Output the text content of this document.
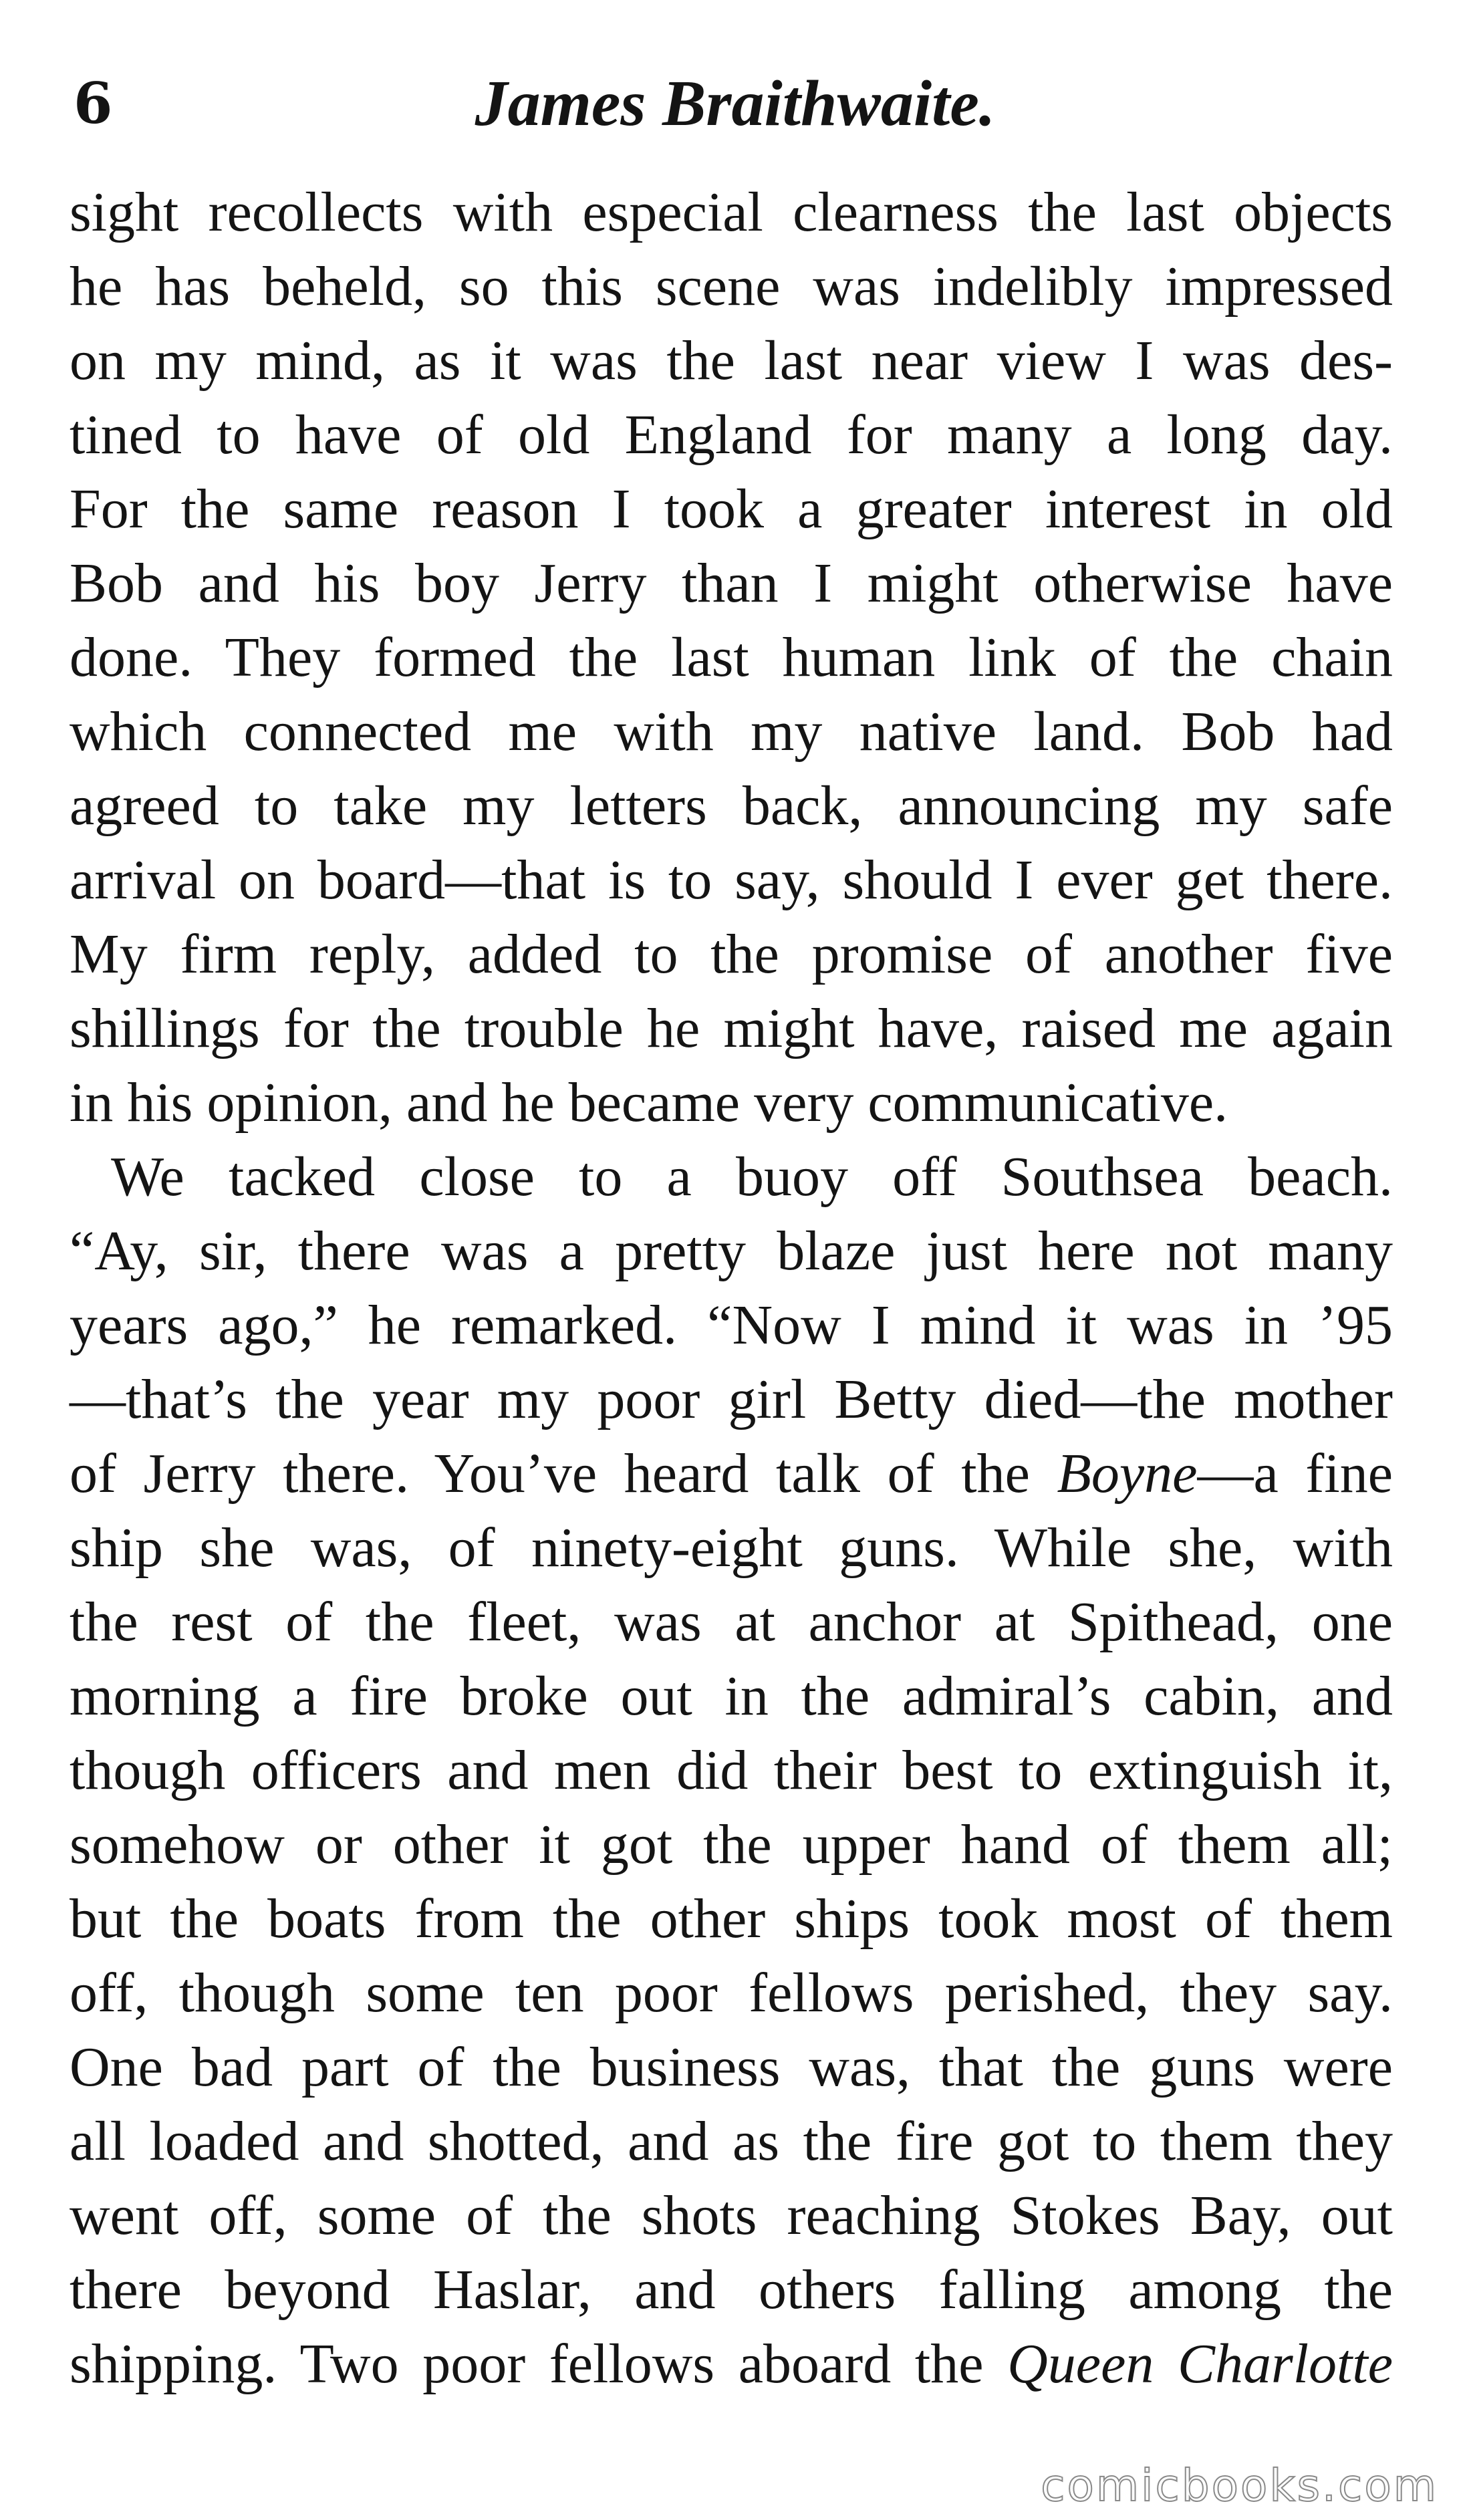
6	James Braithwaite.
sight recollects with especial clearness the last objects
he has beheld, so this scene was indelibly impressed
on my mind, as it was the last near view I was des-
tined to have of old England for many a long day.
For the same reason I took a greater interest in old
Bob and his boy Jerry than I might otherwise have
done. They formed the last human link of the chain
which connected me with my native land. Bob had
agreed to take my letters back, announcing my safe
arrival on board—that is to say, should I ever get there.
My firm reply, added to the promise of another five
shillings for the trouble he might have, raised me again
in his opinion, and he became very communicative.
We tacked close to a buoy off Southsea beach.
“Ay, sir, there was a pretty blaze just here not many
years ago,” he remarked. “Now I mind it was in ’95
—that’s the year my poor girl Betty died—the mother
of Jerry there. You’ve heard talk of the Boyne—a fine
ship she was, of ninety-eight guns. While she, with
the rest of the fleet, was at anchor at Spithead, one
morning a fire broke out in the admiral’s cabin, and
though officers and men did their best to extinguish it,
somehow or other it got the upper hand of them all;
but the boats from the other ships took most of them
off, though some ten poor fellows perished, they say.
One bad part of the business was, that the guns were
all loaded and shotted, and as the fire got to them they
went off, some of the shots reaching Stokes Bay, out
there beyond Haslar, and others falling among the
shipping. Two poor fellows aboard the Queen Charlotte
comicbooks.com
